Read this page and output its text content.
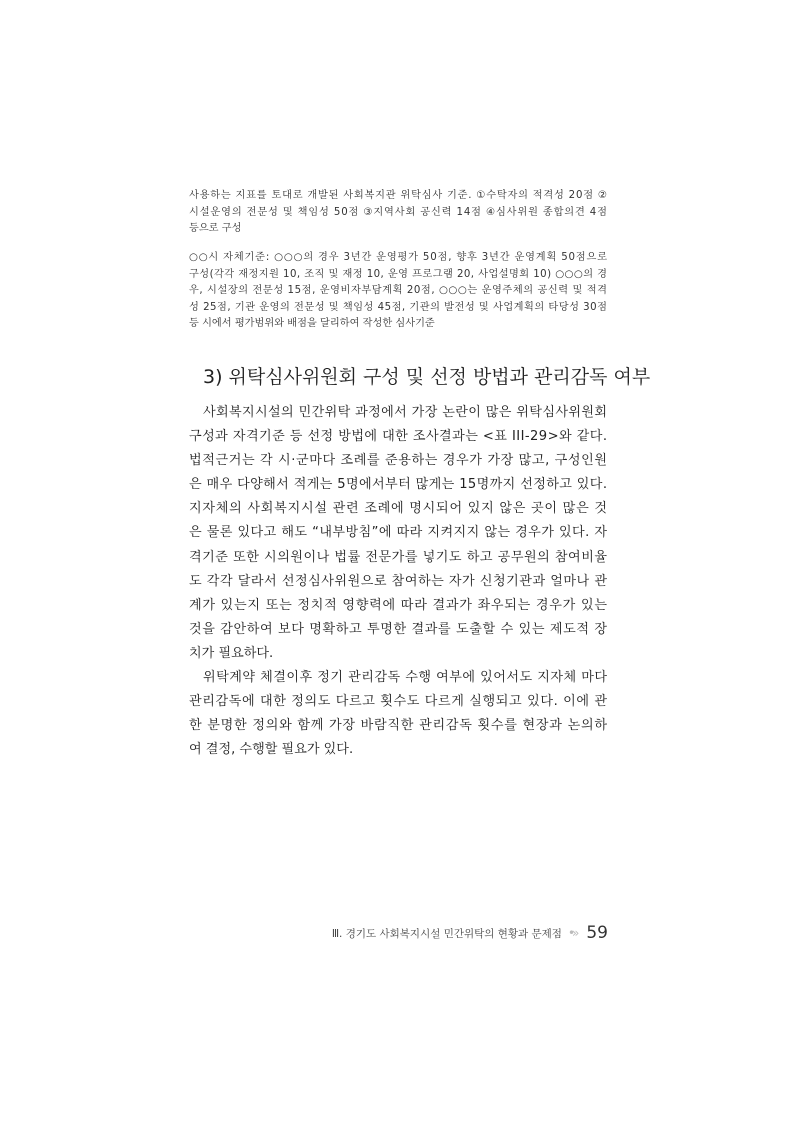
사용하는 지표를 토대로 개발된 사회복지관 위탁심사 기준. ①수탁자의 적격성 20점 ②
시설운영의 전문성 및 책임성 50점 ③지역사회 공신력 14점 ④심사위원 종합의견 4점
등으로 구성
○○시 자체기준: ○○○의 경우 3년간 운영평가 50점, 향후 3년간 운영계획 50점으로
구성(각각 재정지원 10, 조직 및 재정 10, 운영 프로그램 20, 사업설명회 10) ○○○의 경
우, 시설장의 전문성 15점, 운영비자부담계획 20점, ○○○는 운영주체의 공신력 및 적격
성 25점, 기관 운영의 전문성 및 책임성 45점, 기관의 발전성 및 사업계획의 타당성 30점
등 시에서 평가범위와 배점을 달리하여 작성한 심사기준
3) 위탁심사위원회 구성 및 선정 방법과 관리감독 여부
사회복지시설의 민간위탁 과정에서 가장 논란이 많은 위탁심사위원회
구성과 자격기준 등 선정 방법에 대한 조사결과는 <표 III-29>와 같다.
법적근거는 각 시·군마다 조례를 준용하는 경우가 가장 많고, 구성인원
은 매우 다양해서 적게는 5명에서부터 많게는 15명까지 선정하고 있다.
지자체의 사회복지시설 관련 조례에 명시되어 있지 않은 곳이 많은 것
은 물론 있다고 해도 “내부방침”에 따라 지켜지지 않는 경우가 있다. 자
격기준 또한 시의원이나 법률 전문가를 넣기도 하고 공무원의 참여비율
도 각각 달라서 선정심사위원으로 참여하는 자가 신청기관과 얼마나 관
계가 있는지 또는 정치적 영향력에 따라 결과가 좌우되는 경우가 있는
것을 감안하여 보다 명확하고 투명한 결과를 도출할 수 있는 제도적 장
치가 필요하다.
위탁계약 체결이후 정기 관리감독 수행 여부에 있어서도 지자체 마다
관리감독에 대한 정의도 다르고 횟수도 다르게 실행되고 있다. 이에 관
한 분명한 정의와 함께 가장 바람직한 관리감독 횟수를 현장과 논의하
여 결정, 수행할 필요가 있다.
Ⅲ. 경기도 사회복지시설 민간위탁의 현황과 문제점 •» 59
